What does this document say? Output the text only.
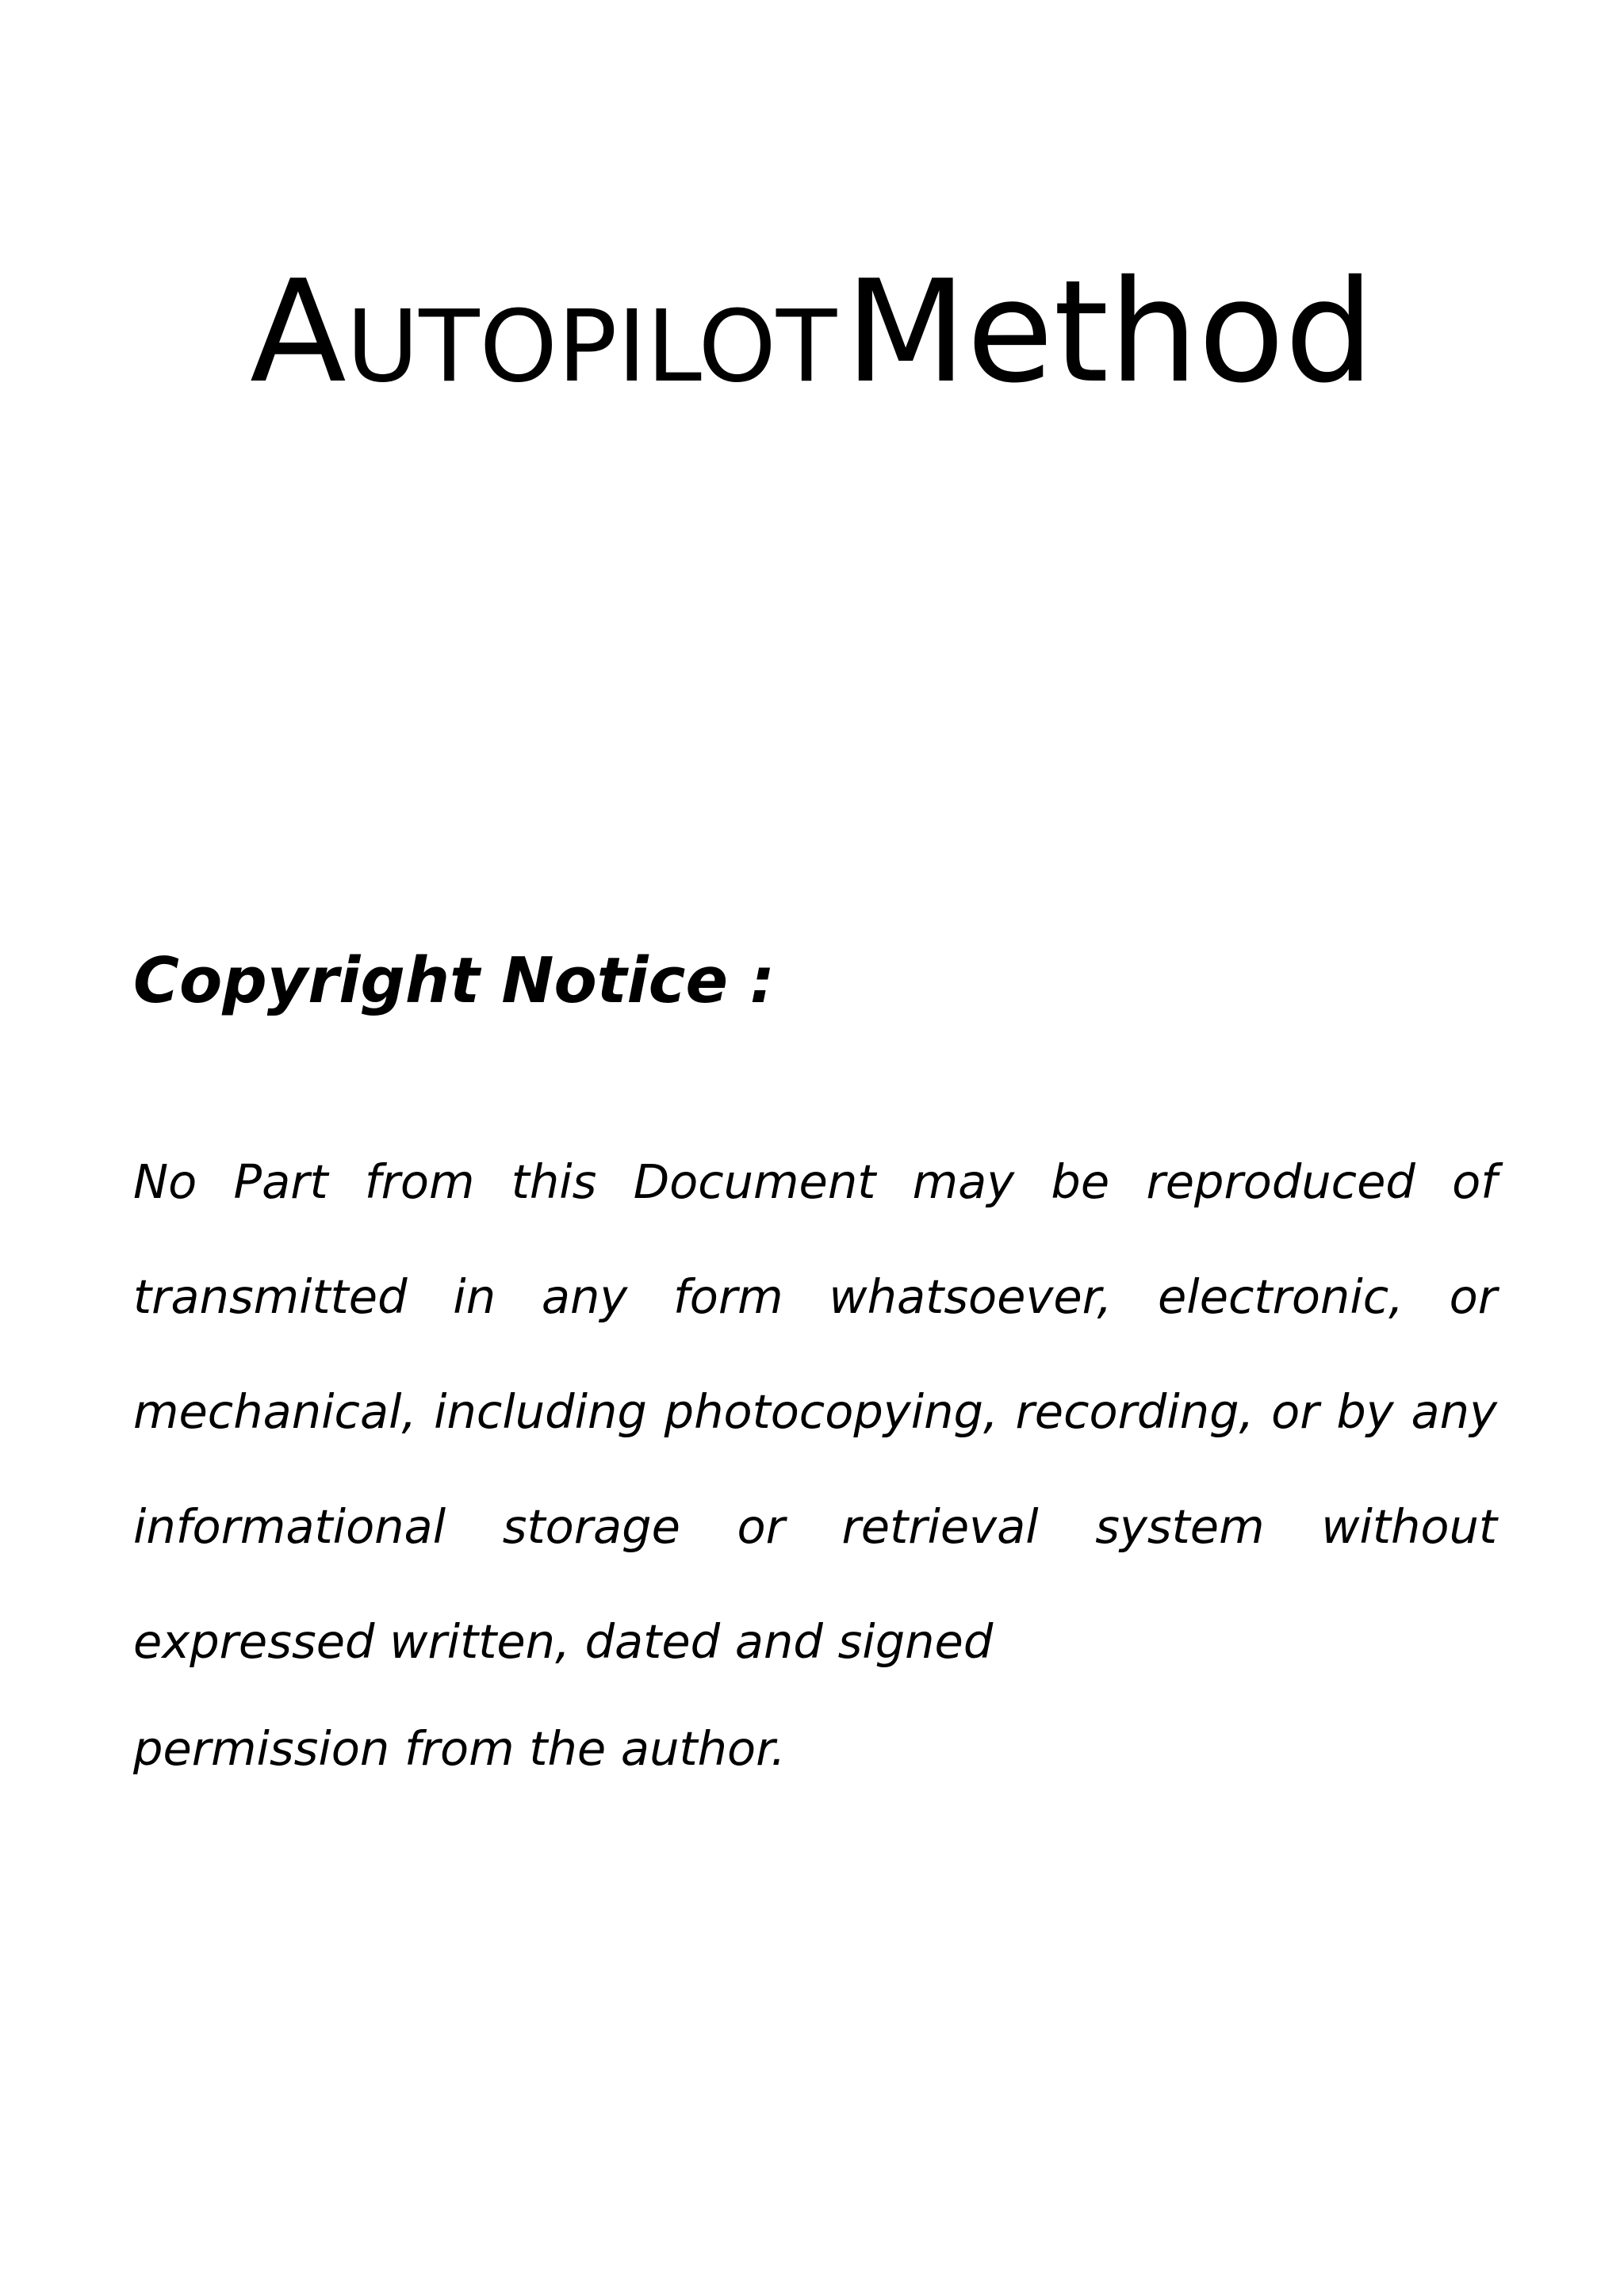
Autopilot Method
Copyright Notice :

No Part from this Document may be reproduced of transmitted in any form whatsoever, electronic, or mechanical, including photocopying, recording, or by any informational storage or retrieval system without expressed written, dated and signed

permission from the author.
